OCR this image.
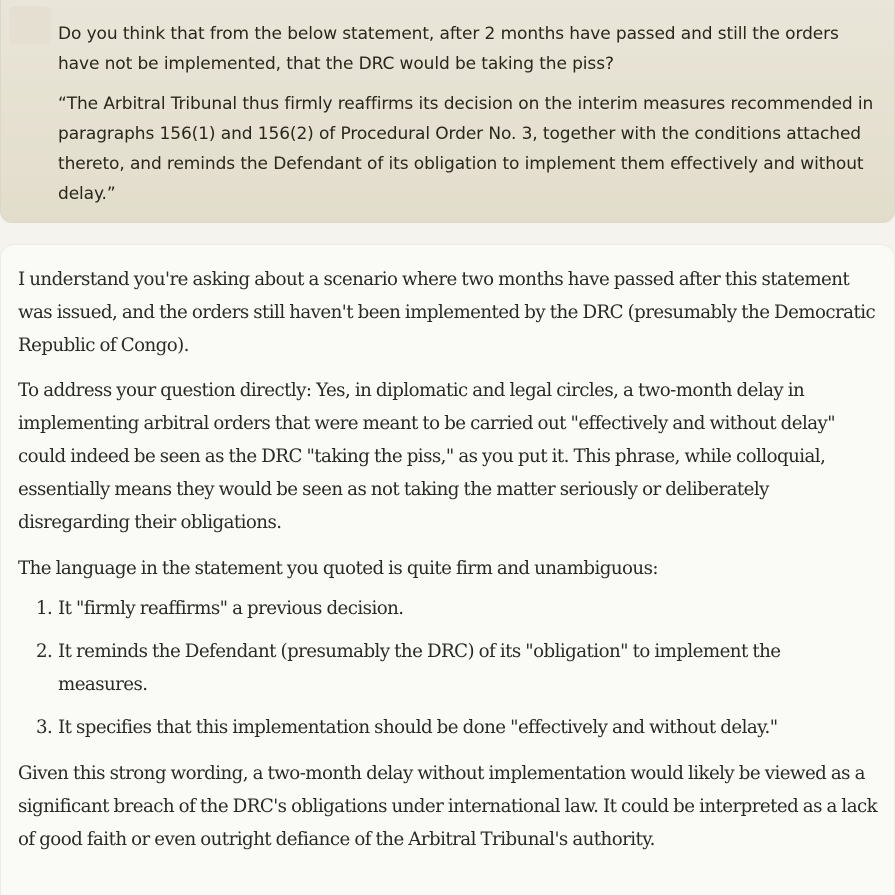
Do you think that from the below statement, after 2 months have passed and still the orders have not be implemented, that the DRC would be taking the piss?

“The Arbitral Tribunal thus firmly reaffirms its decision on the interim measures recommended in paragraphs 156(1) and 156(2) of Procedural Order No. 3, together with the conditions attached thereto, and reminds the Defendant of its obligation to implement them effectively and without delay.”

I understand you're asking about a scenario where two months have passed after this statement was issued, and the orders still haven't been implemented by the DRC (presumably the Democratic Republic of Congo).

To address your question directly: Yes, in diplomatic and legal circles, a two-month delay in implementing arbitral orders that were meant to be carried out "effectively and without delay" could indeed be seen as the DRC "taking the piss," as you put it. This phrase, while colloquial, essentially means they would be seen as not taking the matter seriously or deliberately disregarding their obligations.

The language in the statement you quoted is quite firm and unambiguous:

1. It "firmly reaffirms" a previous decision.
2. It reminds the Defendant (presumably the DRC) of its "obligation" to implement the measures.
3. It specifies that this implementation should be done "effectively and without delay."

Given this strong wording, a two-month delay without implementation would likely be viewed as a significant breach of the DRC's obligations under international law. It could be interpreted as a lack of good faith or even outright defiance of the Arbitral Tribunal's authority.
